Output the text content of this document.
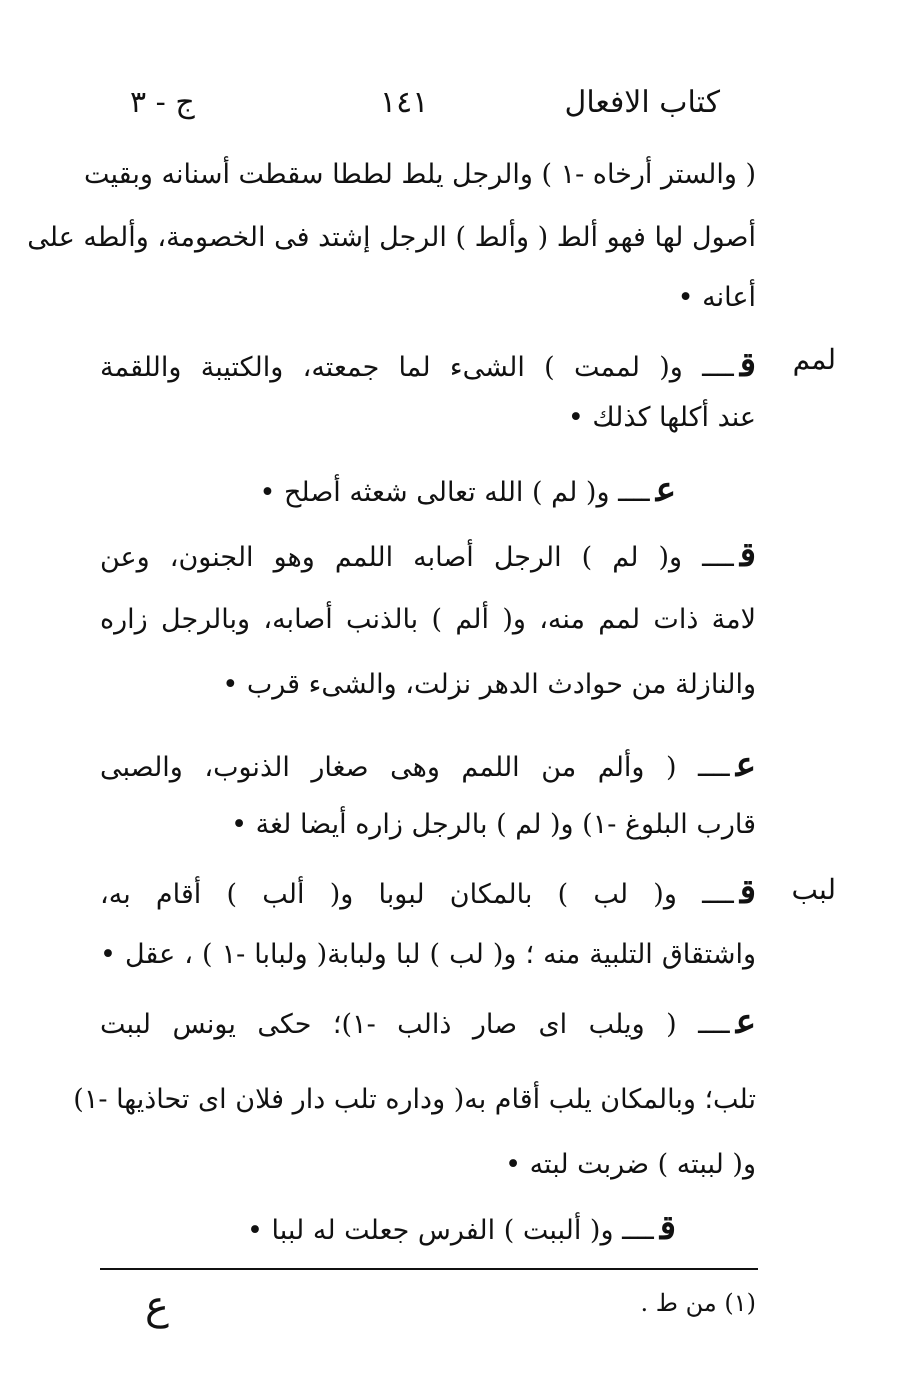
كتاب الافعال
١٤١
ج - ٣
( والستر أرخاه -١ ) والرجل يلط لططا سقطت أسنانه وبقيت
أصول لها فهو ألط ( وألط ) الرجل إشتد فى الخصومة، وألطه على
أعانه •
لمم
قــــ و( لممت ) الشىء لما جمعته، والكتيبة واللقمة
عند أكلها كذلك •
عــــ و( لم ) الله تعالى شعثه أصلح •
قــــ و( لم ) الرجل أصابه اللمم وهو الجنون، وعن
لامة ذات لمم منه، و( ألم ) بالذنب أصابه، وبالرجل زاره
والنازلة من حوادث الدهر نزلت، والشىء قرب •
عــــ ( وألم من اللمم وهى صغار الذنوب، والصبى
قارب البلوغ -١) و( لم ) بالرجل زاره أيضا لغة •
لبب
قــــ و( لب ) بالمكان لبوبا و( ألب ) أقام به،
واشتقاق التلبية منه ؛ و( لب ) لبا ولبابة( ولبابا -١ ) ، عقل •
عــــ ( ويلب اى صار ذالب -١)؛ حكى يونس لببت
تلب؛ وبالمكان يلب أقام به( وداره تلب دار فلان اى تحاذيها -١)
و( لببته ) ضربت لبته •
قــــ و( ألببت ) الفرس جعلت له لببا •
(١) من ط .
ع
